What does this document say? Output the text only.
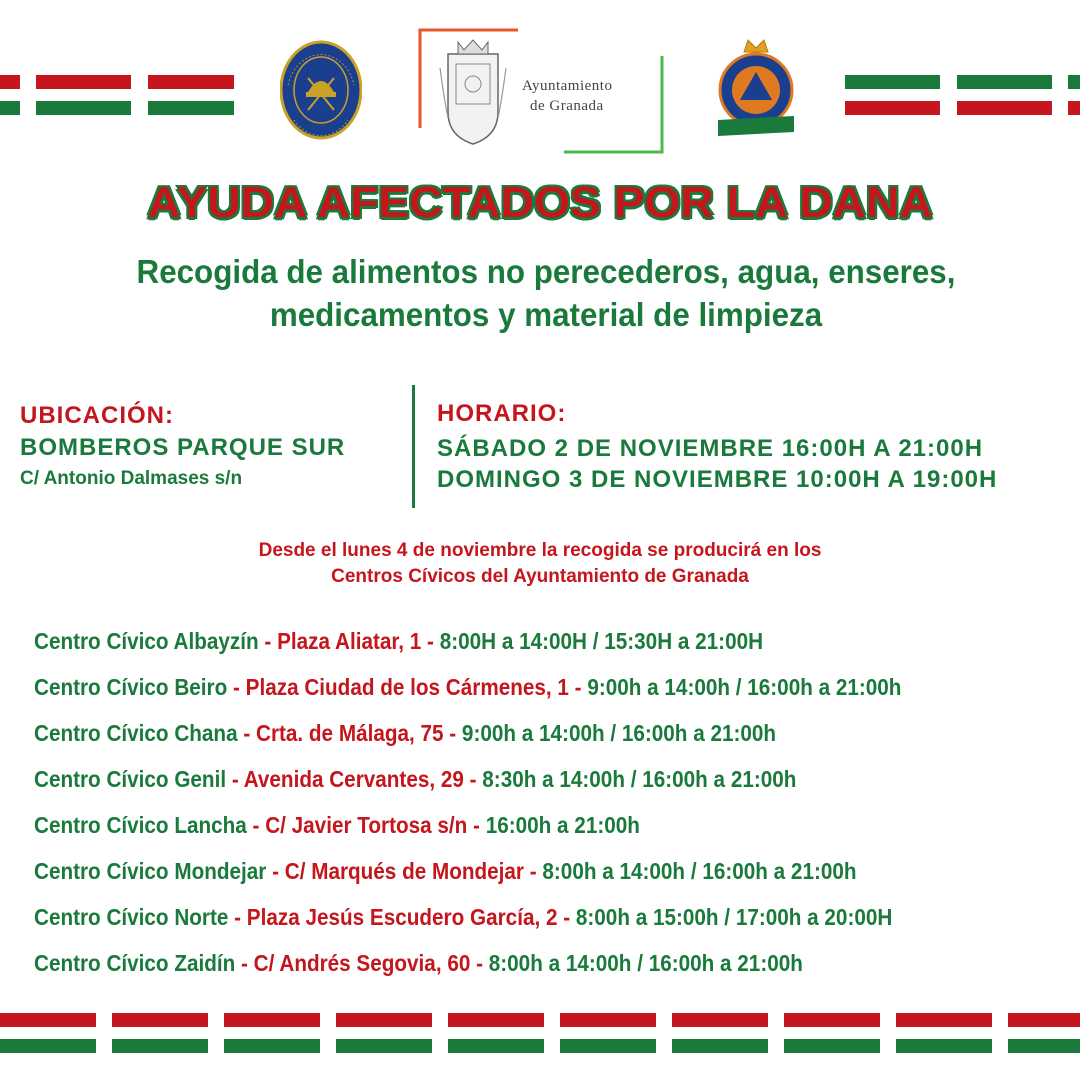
Ayuntamiento
de Granada
AYUDA AFECTADOS POR LA DANA
Recogida de alimentos no perecederos, agua, enseres,
medicamentos y material de limpieza
UBICACIÓN:
BOMBEROS PARQUE SUR
C/ Antonio Dalmases s/n
HORARIO:
SÁBADO 2 DE NOVIEMBRE 16:00H A 21:00H
DOMINGO 3 DE NOVIEMBRE 10:00H A 19:00H
Desde el lunes 4 de noviembre la recogida se producirá en los
Centros Cívicos del Ayuntamiento de Granada
Centro Cívico Albayzín - Plaza Aliatar, 1 - 8:00H a 14:00H / 15:30H a 21:00H
Centro Cívico Beiro - Plaza Ciudad de los Cármenes, 1 - 9:00h a 14:00h / 16:00h a 21:00h
Centro Cívico Chana - Crta. de Málaga, 75 - 9:00h a 14:00h / 16:00h a 21:00h
Centro Cívico Genil - Avenida Cervantes, 29 - 8:30h a 14:00h / 16:00h a 21:00h
Centro Cívico Lancha - C/ Javier Tortosa s/n - 16:00h a 21:00h
Centro Cívico Mondejar - C/ Marqués de Mondejar - 8:00h a 14:00h / 16:00h a 21:00h
Centro Cívico Norte - Plaza Jesús Escudero García, 2 - 8:00h a 15:00h / 17:00h a 20:00H
Centro Cívico Zaidín - C/ Andrés Segovia, 60 - 8:00h a 14:00h / 16:00h a 21:00h
